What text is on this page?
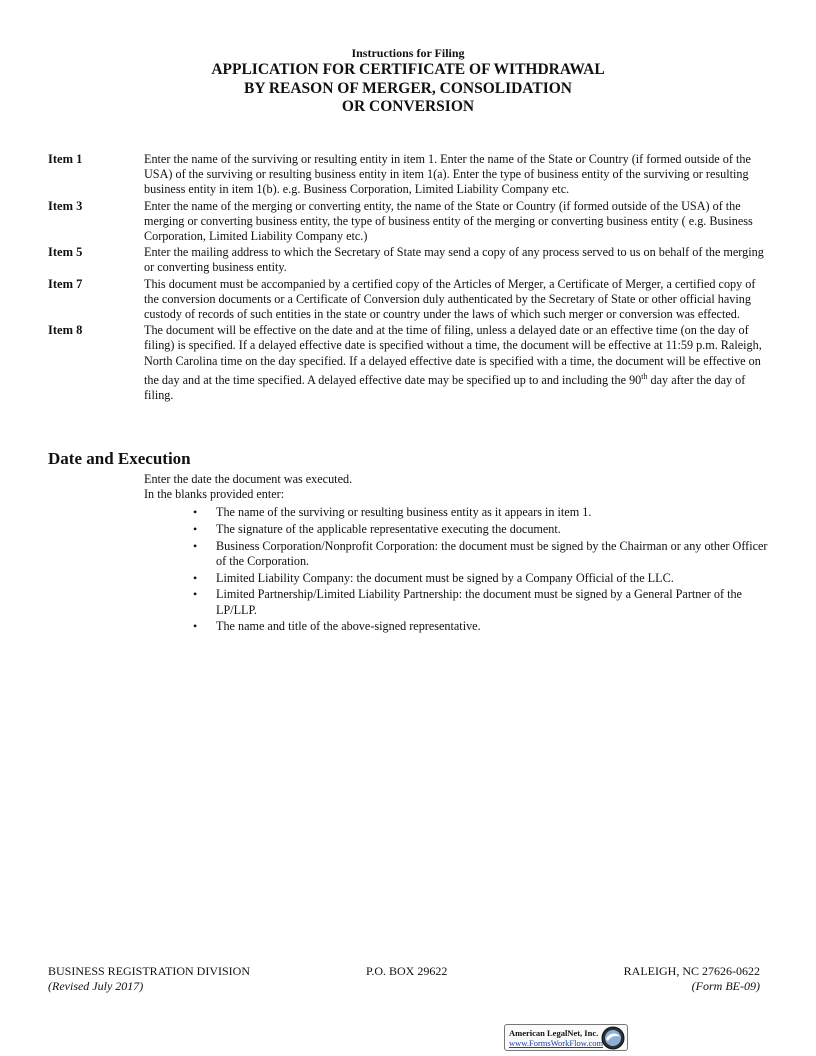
Instructions for Filing
APPLICATION FOR CERTIFICATE OF WITHDRAWAL
BY REASON OF MERGER, CONSOLIDATION
OR CONVERSION
Item 1	Enter the name of the surviving or resulting entity in item 1. Enter the name of the State or Country (if formed outside of the USA) of the surviving or resulting business entity in item 1(a). Enter the type of business entity of the surviving or resulting business entity in item 1(b). e.g. Business Corporation, Limited Liability Company etc.
Item 3	Enter the name of the merging or converting entity, the name of the State or Country (if formed outside of the USA) of the merging or converting business entity, the type of business entity of the merging or converting business entity ( e.g. Business Corporation, Limited Liability Company etc.)
Item 5	Enter the mailing address to which the Secretary of State may send a copy of any process served to us on behalf of the merging or converting business entity.
Item 7	This document must be accompanied by a certified copy of the Articles of Merger, a Certificate of Merger, a certified copy of the conversion documents or a Certificate of Conversion duly authenticated by the Secretary of State or other official having custody of records of such entities in the state or country under the laws of which such merger or conversion was effected.
Item 8	The document will be effective on the date and at the time of filing, unless a delayed date or an effective time (on the day of filing) is specified. If a delayed effective date is specified without a time, the document will be effective at 11:59 p.m. Raleigh, North Carolina time on the day specified. If a delayed effective date is specified with a time, the document will be effective on the day and at the time specified. A delayed effective date may be specified up to and including the 90th day after the day of filing.
Date and Execution
Enter the date the document was executed.
In the blanks provided enter:
• The name of the surviving or resulting business entity as it appears in item 1.
• The signature of the applicable representative executing the document.
• Business Corporation/Nonprofit Corporation: the document must be signed by the Chairman or any other Officer of the Corporation.
• Limited Liability Company: the document must be signed by a Company Official of the LLC.
• Limited Partnership/Limited Liability Partnership: the document must be signed by a General Partner of the LP/LLP.
• The name and title of the above-signed representative.
BUSINESS REGISTRATION DIVISION	P.O. BOX 29622	RALEIGH, NC 27626-0622
(Revised July 2017)	(Form BE-09)
American LegalNet, Inc.
www.FormsWorkFlow.com
